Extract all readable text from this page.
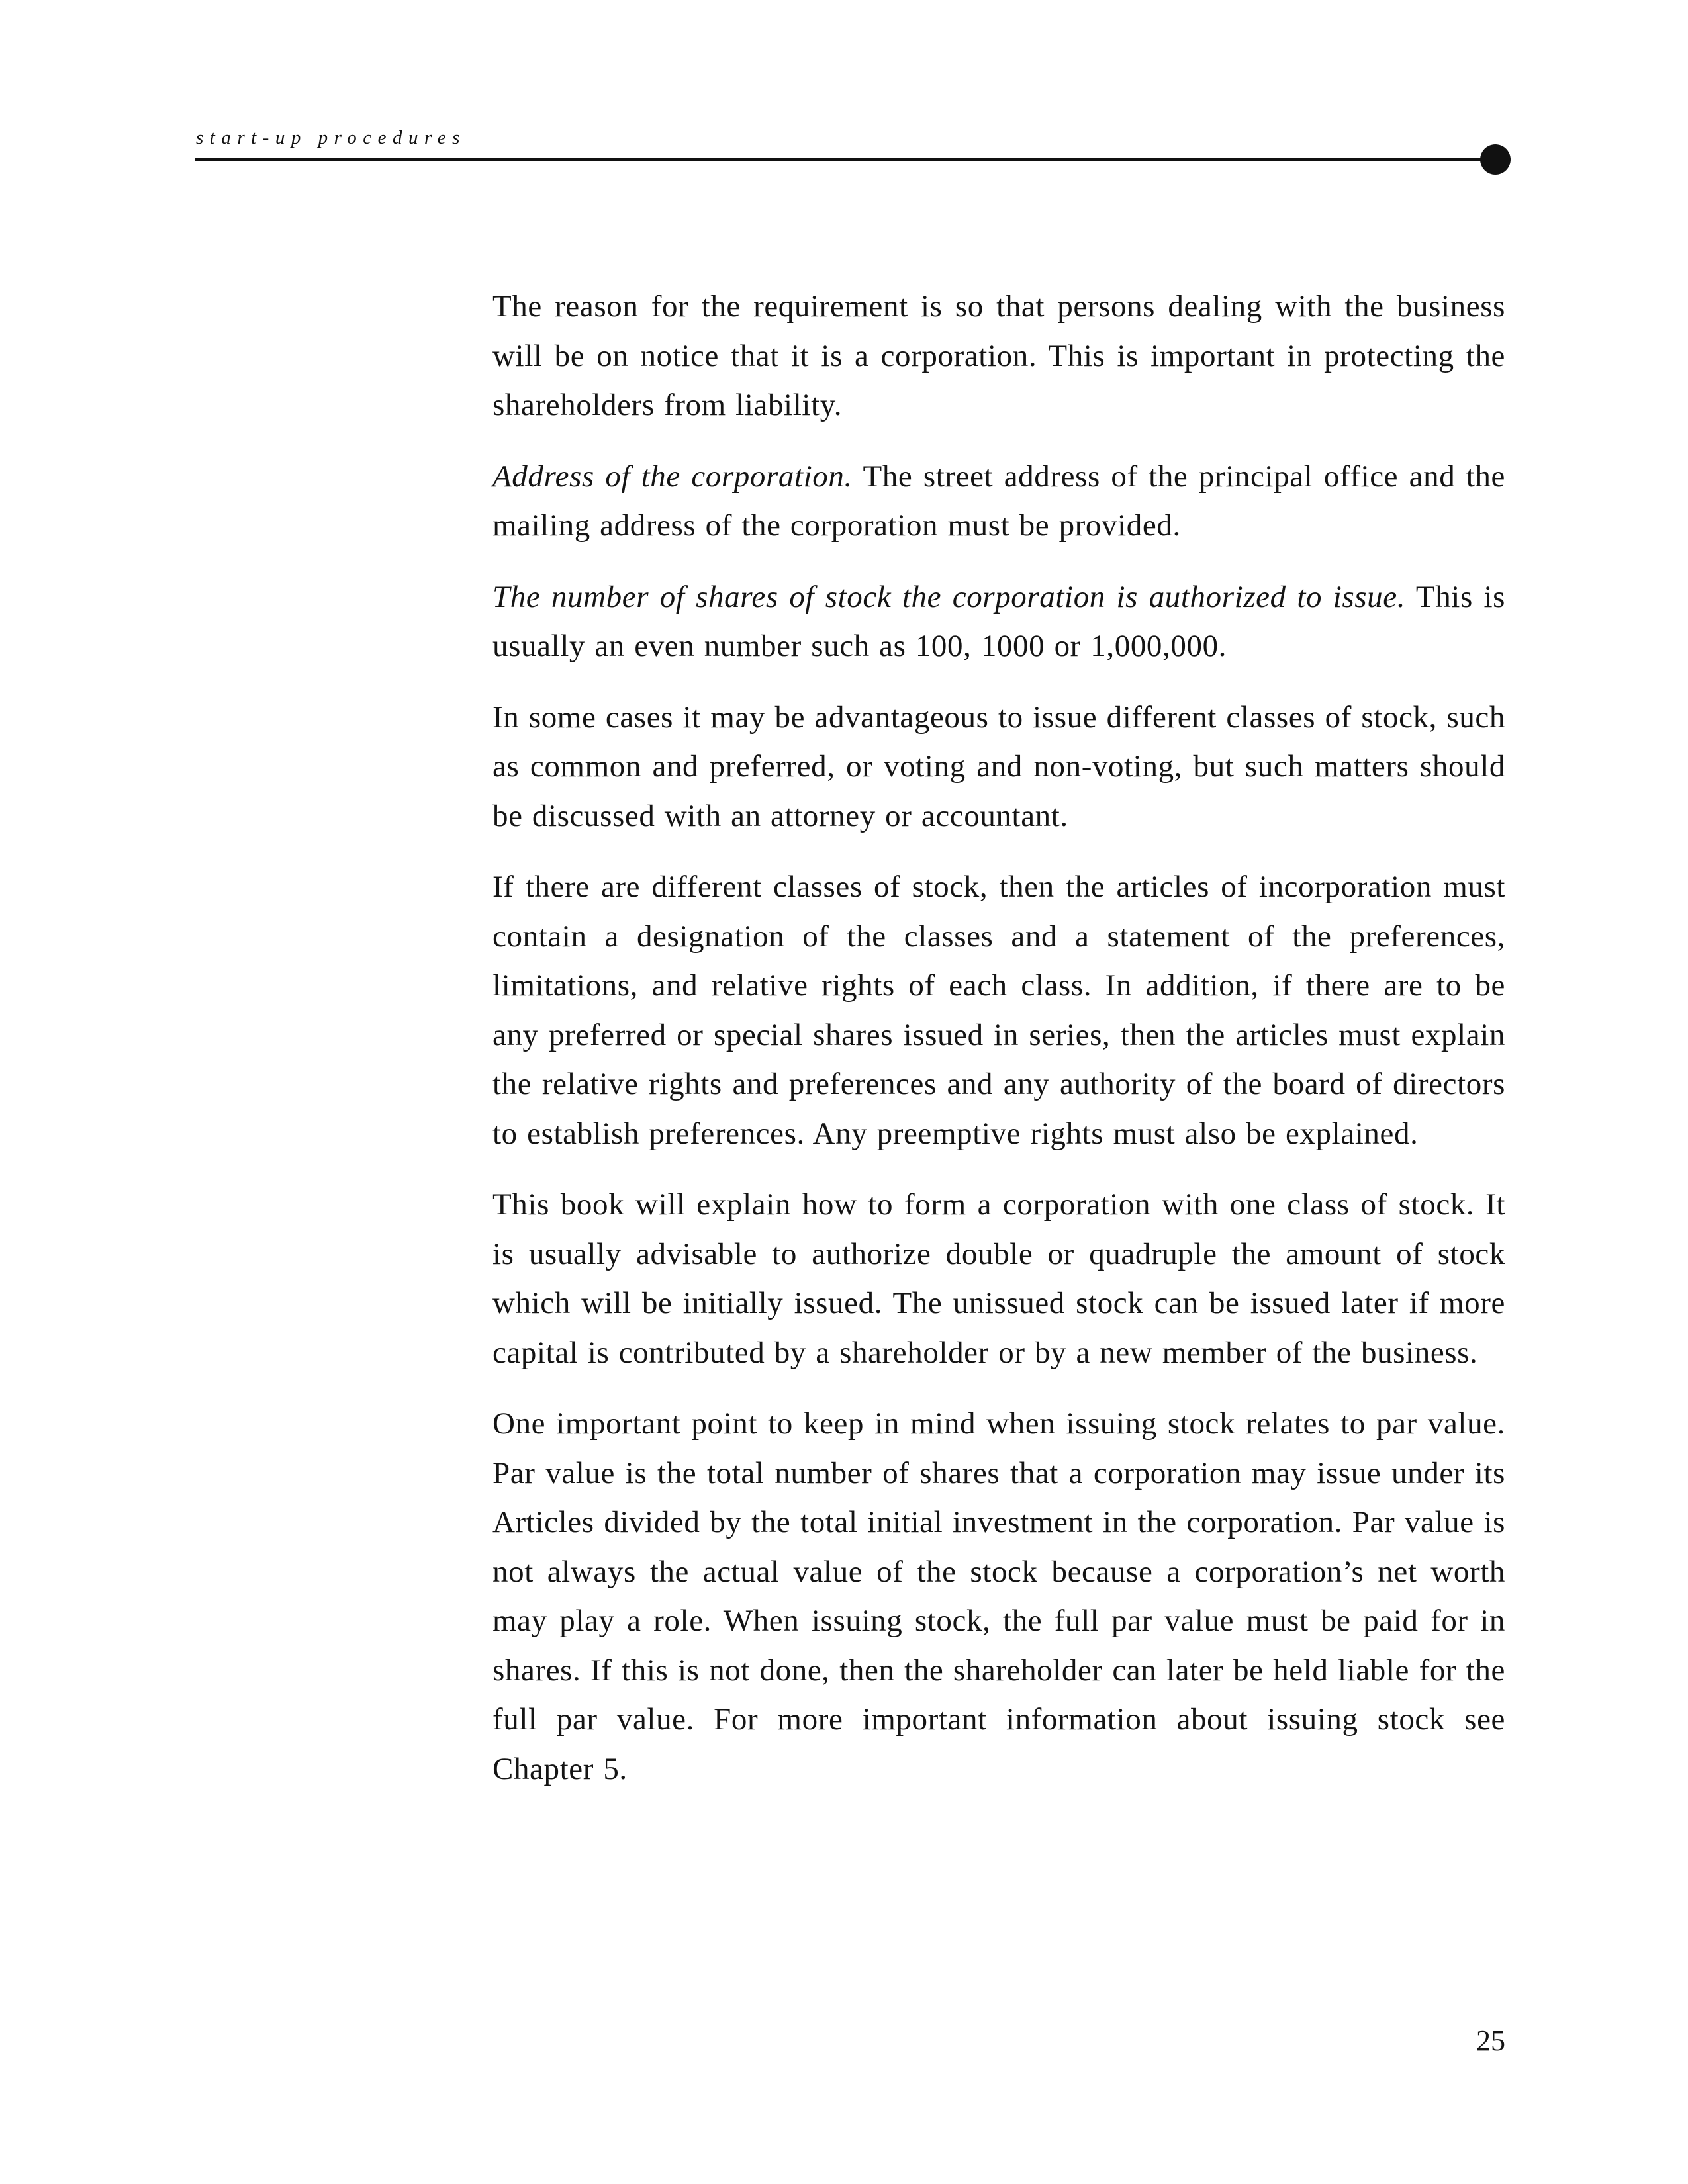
start-up procedures

The reason for the requirement is so that persons dealing with the business will be on notice that it is a corporation. This is important in protecting the shareholders from liability.

Address of the corporation. The street address of the principal office and the mailing address of the corporation must be provided.

The number of shares of stock the corporation is authorized to issue. This is usually an even number such as 100, 1000 or 1,000,000.

In some cases it may be advantageous to issue different classes of stock, such as common and preferred, or voting and non-voting, but such matters should be discussed with an attorney or accountant.

If there are different classes of stock, then the articles of incorporation must contain a designation of the classes and a statement of the preferences, limitations, and relative rights of each class. In addition, if there are to be any preferred or special shares issued in series, then the articles must explain the relative rights and preferences and any authority of the board of directors to establish preferences. Any preemptive rights must also be explained.

This book will explain how to form a corporation with one class of stock. It is usually advisable to authorize double or quadruple the amount of stock which will be initially issued. The unissued stock can be issued later if more capital is contributed by a shareholder or by a new member of the business.

One important point to keep in mind when issuing stock relates to par value. Par value is the total number of shares that a corporation may issue under its Articles divided by the total initial investment in the corporation. Par value is not always the actual value of the stock because a corporation’s net worth may play a role. When issuing stock, the full par value must be paid for in shares. If this is not done, then the shareholder can later be held liable for the full par value. For more important information about issuing stock see Chapter 5.

25
